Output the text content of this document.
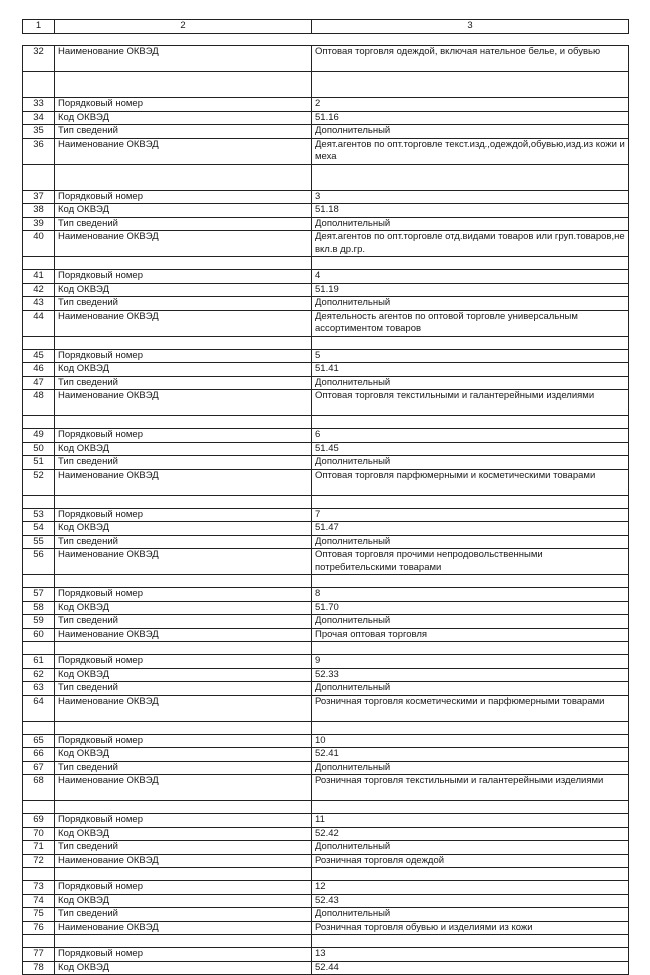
1	2	3
32	Наименование ОКВЭД	Оптовая торговля одеждой, включая нательное белье, и обувью

33	Порядковый номер	2
34	Код ОКВЭД	51.16
35	Тип сведений	Дополнительный
36	Наименование ОКВЭД	Деят.агентов по опт.торговле текст.изд.,одеждой,обувью,изд.из кожи и меха

37	Порядковый номер	3
38	Код ОКВЭД	51.18
39	Тип сведений	Дополнительный
40	Наименование ОКВЭД	Деят.агентов по опт.торговле отд.видами товаров или груп.товаров,не вкл.в др.гр.

41	Порядковый номер	4
42	Код ОКВЭД	51.19
43	Тип сведений	Дополнительный
44	Наименование ОКВЭД	Деятельность агентов по оптовой торговле универсальным ассортиментом товаров

45	Порядковый номер	5
46	Код ОКВЭД	51.41
47	Тип сведений	Дополнительный
48	Наименование ОКВЭД	Оптовая торговля текстильными и галантерейными изделиями

49	Порядковый номер	6
50	Код ОКВЭД	51.45
51	Тип сведений	Дополнительный
52	Наименование ОКВЭД	Оптовая торговля парфюмерными и косметическими товарами

53	Порядковый номер	7
54	Код ОКВЭД	51.47
55	Тип сведений	Дополнительный
56	Наименование ОКВЭД	Оптовая торговля прочими непродовольственными потребительскими товарами

57	Порядковый номер	8
58	Код ОКВЭД	51.70
59	Тип сведений	Дополнительный
60	Наименование ОКВЭД	Прочая оптовая торговля

61	Порядковый номер	9
62	Код ОКВЭД	52.33
63	Тип сведений	Дополнительный
64	Наименование ОКВЭД	Розничная торговля косметическими и парфюмерными товарами

65	Порядковый номер	10
66	Код ОКВЭД	52.41
67	Тип сведений	Дополнительный
68	Наименование ОКВЭД	Розничная торговля текстильными и галантерейными изделиями

69	Порядковый номер	11
70	Код ОКВЭД	52.42
71	Тип сведений	Дополнительный
72	Наименование ОКВЭД	Розничная торговля одеждой

73	Порядковый номер	12
74	Код ОКВЭД	52.43
75	Тип сведений	Дополнительный
76	Наименование ОКВЭД	Розничная торговля обувью и изделиями из кожи

77	Порядковый номер	13
78	Код ОКВЭД	52.44
